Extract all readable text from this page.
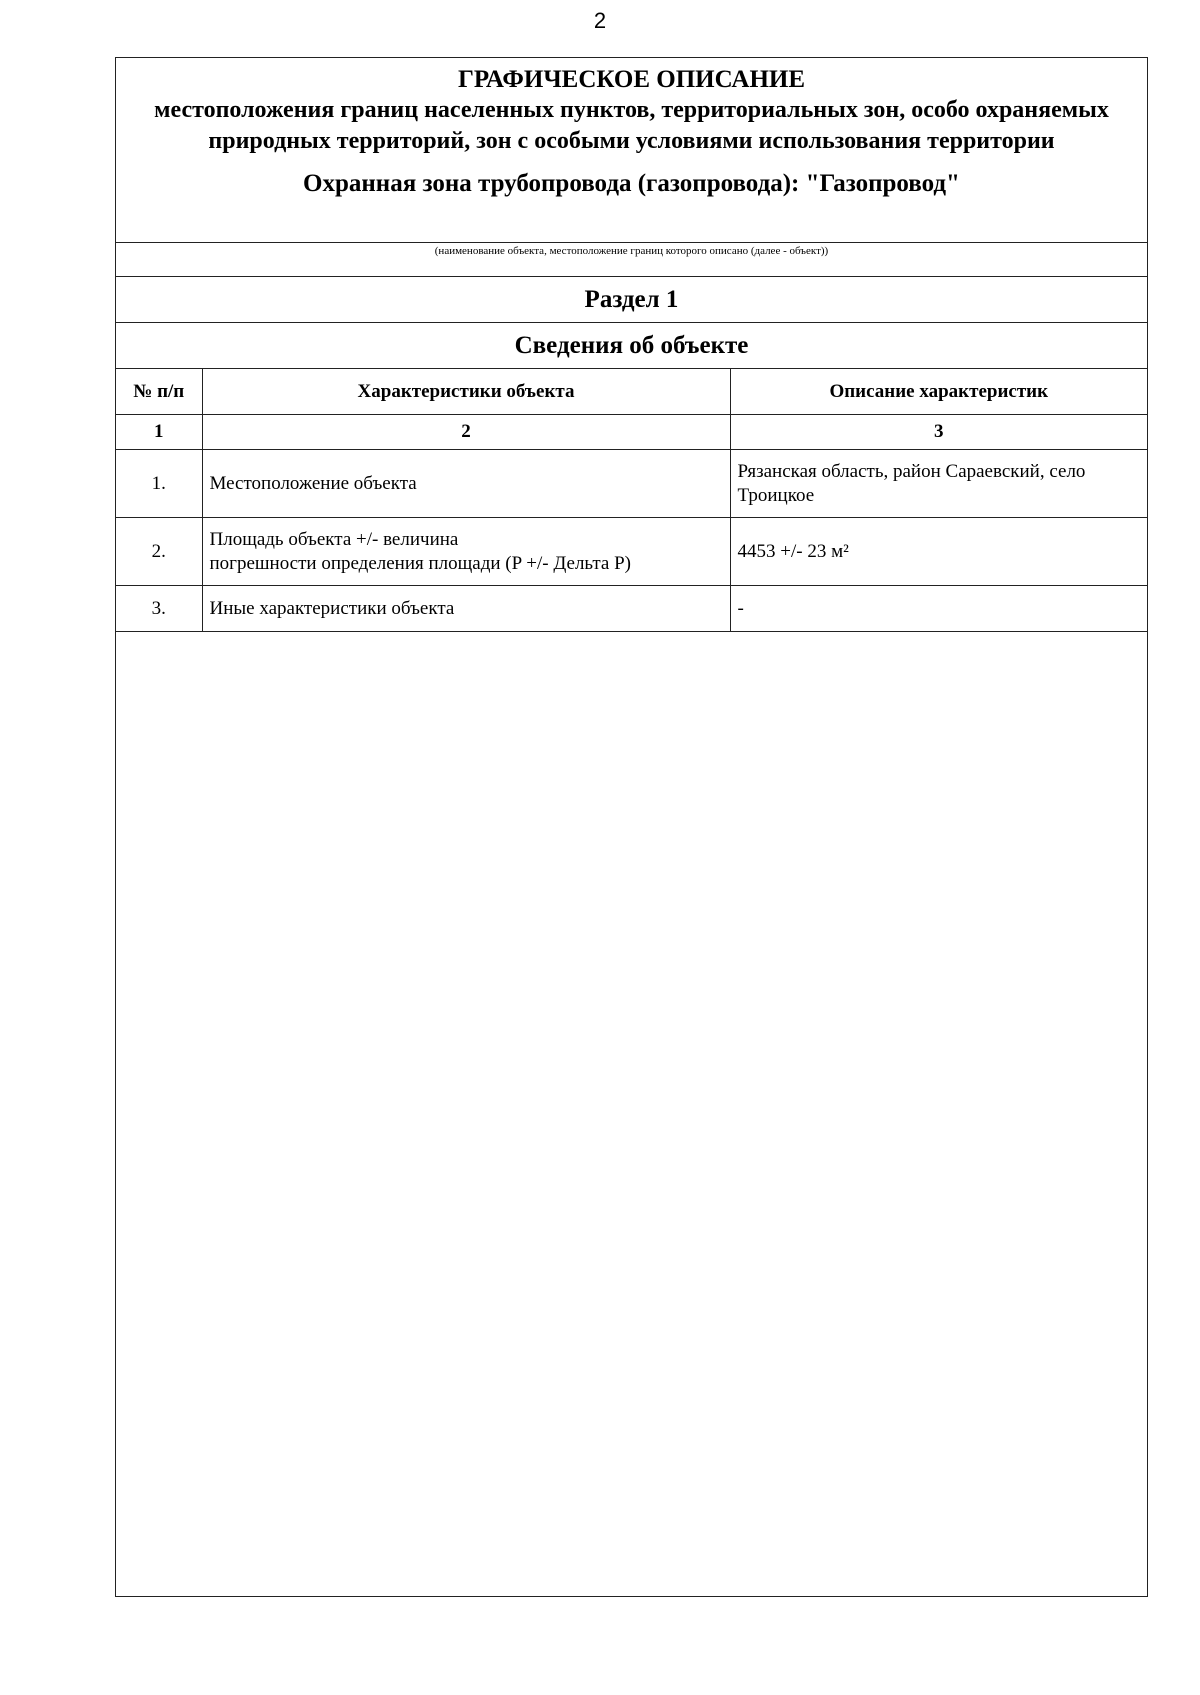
2
ГРАФИЧЕСКОЕ ОПИСАНИЕ
местоположения границ населенных пунктов, территориальных зон, особо охраняемых природных территорий, зон с особыми условиями использования территории
Охранная зона трубопровода (газопровода): "Газопровод"
(наименование объекта, местоположение границ которого описано (далее - объект))
Раздел 1
Сведения об объекте
№ п/п	Характеристики объекта	Описание характеристик
1	2	3
1.	Местоположение объекта	Рязанская область, район Сараевский, село Троицкое
2.	Площадь объекта +/- величина
погрешности определения площади (P +/- Дельта P)	4453 +/- 23 м²
3.	Иные характеристики объекта	-
